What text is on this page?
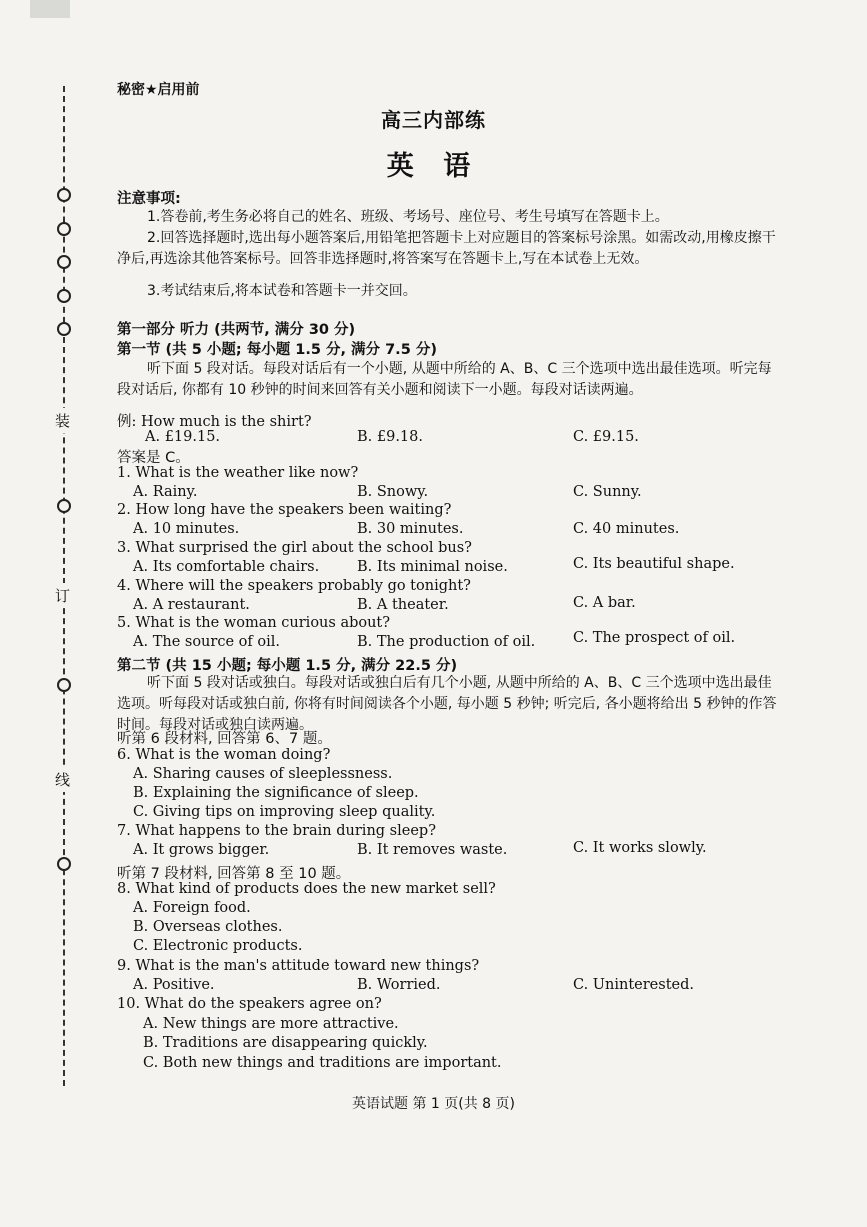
装
订
线
秘密★启用前
高三内部练
英 语
注意事项:
1.答卷前,考生务必将自己的姓名、班级、考场号、座位号、考生号填写在答题卡上。
2.回答选择题时,选出每小题答案后,用铅笔把答题卡上对应题目的答案标号涂黑。如需改动,用橡皮擦干净后,再选涂其他答案标号。回答非选择题时,将答案写在答题卡上,写在本试卷上无效。
3.考试结束后,将本试卷和答题卡一并交回。
第一部分 听力 (共两节, 满分 30 分)
第一节 (共 5 小题; 每小题 1.5 分, 满分 7.5 分)
听下面 5 段对话。每段对话后有一个小题, 从题中所给的 A、B、C 三个选项中选出最佳选项。听完每段对话后, 你都有 10 秒钟的时间来回答有关小题和阅读下一小题。每段对话读两遍。
例: How much is the shirt?
A. £19.15.	B. £9.18.	C. £9.15.
答案是 C。
1. What is the weather like now?
A. Rainy.	B. Snowy.	C. Sunny.
2. How long have the speakers been waiting?
A. 10 minutes.	B. 30 minutes.	C. 40 minutes.
3. What surprised the girl about the school bus?
A. Its comfortable chairs.	B. Its minimal noise.	C. Its beautiful shape.
4. Where will the speakers probably go tonight?
A. A restaurant.	B. A theater.	C. A bar.
5. What is the woman curious about?
A. The source of oil.	B. The production of oil.	C. The prospect of oil.
第二节 (共 15 小题; 每小题 1.5 分, 满分 22.5 分)
听下面 5 段对话或独白。每段对话或独白后有几个小题, 从题中所给的 A、B、C 三个选项中选出最佳选项。听每段对话或独白前, 你将有时间阅读各个小题, 每小题 5 秒钟; 听完后, 各小题将给出 5 秒钟的作答时间。每段对话或独白读两遍。
听第 6 段材料, 回答第 6、7 题。
6. What is the woman doing?
A. Sharing causes of sleeplessness.
B. Explaining the significance of sleep.
C. Giving tips on improving sleep quality.
7. What happens to the brain during sleep?
A. It grows bigger.	B. It removes waste.	C. It works slowly.
听第 7 段材料, 回答第 8 至 10 题。
8. What kind of products does the new market sell?
A. Foreign food.
B. Overseas clothes.
C. Electronic products.
9. What is the man's attitude toward new things?
A. Positive.	B. Worried.	C. Uninterested.
10. What do the speakers agree on?
A. New things are more attractive.
B. Traditions are disappearing quickly.
C. Both new things and traditions are important.
英语试题 第 1 页(共 8 页)
